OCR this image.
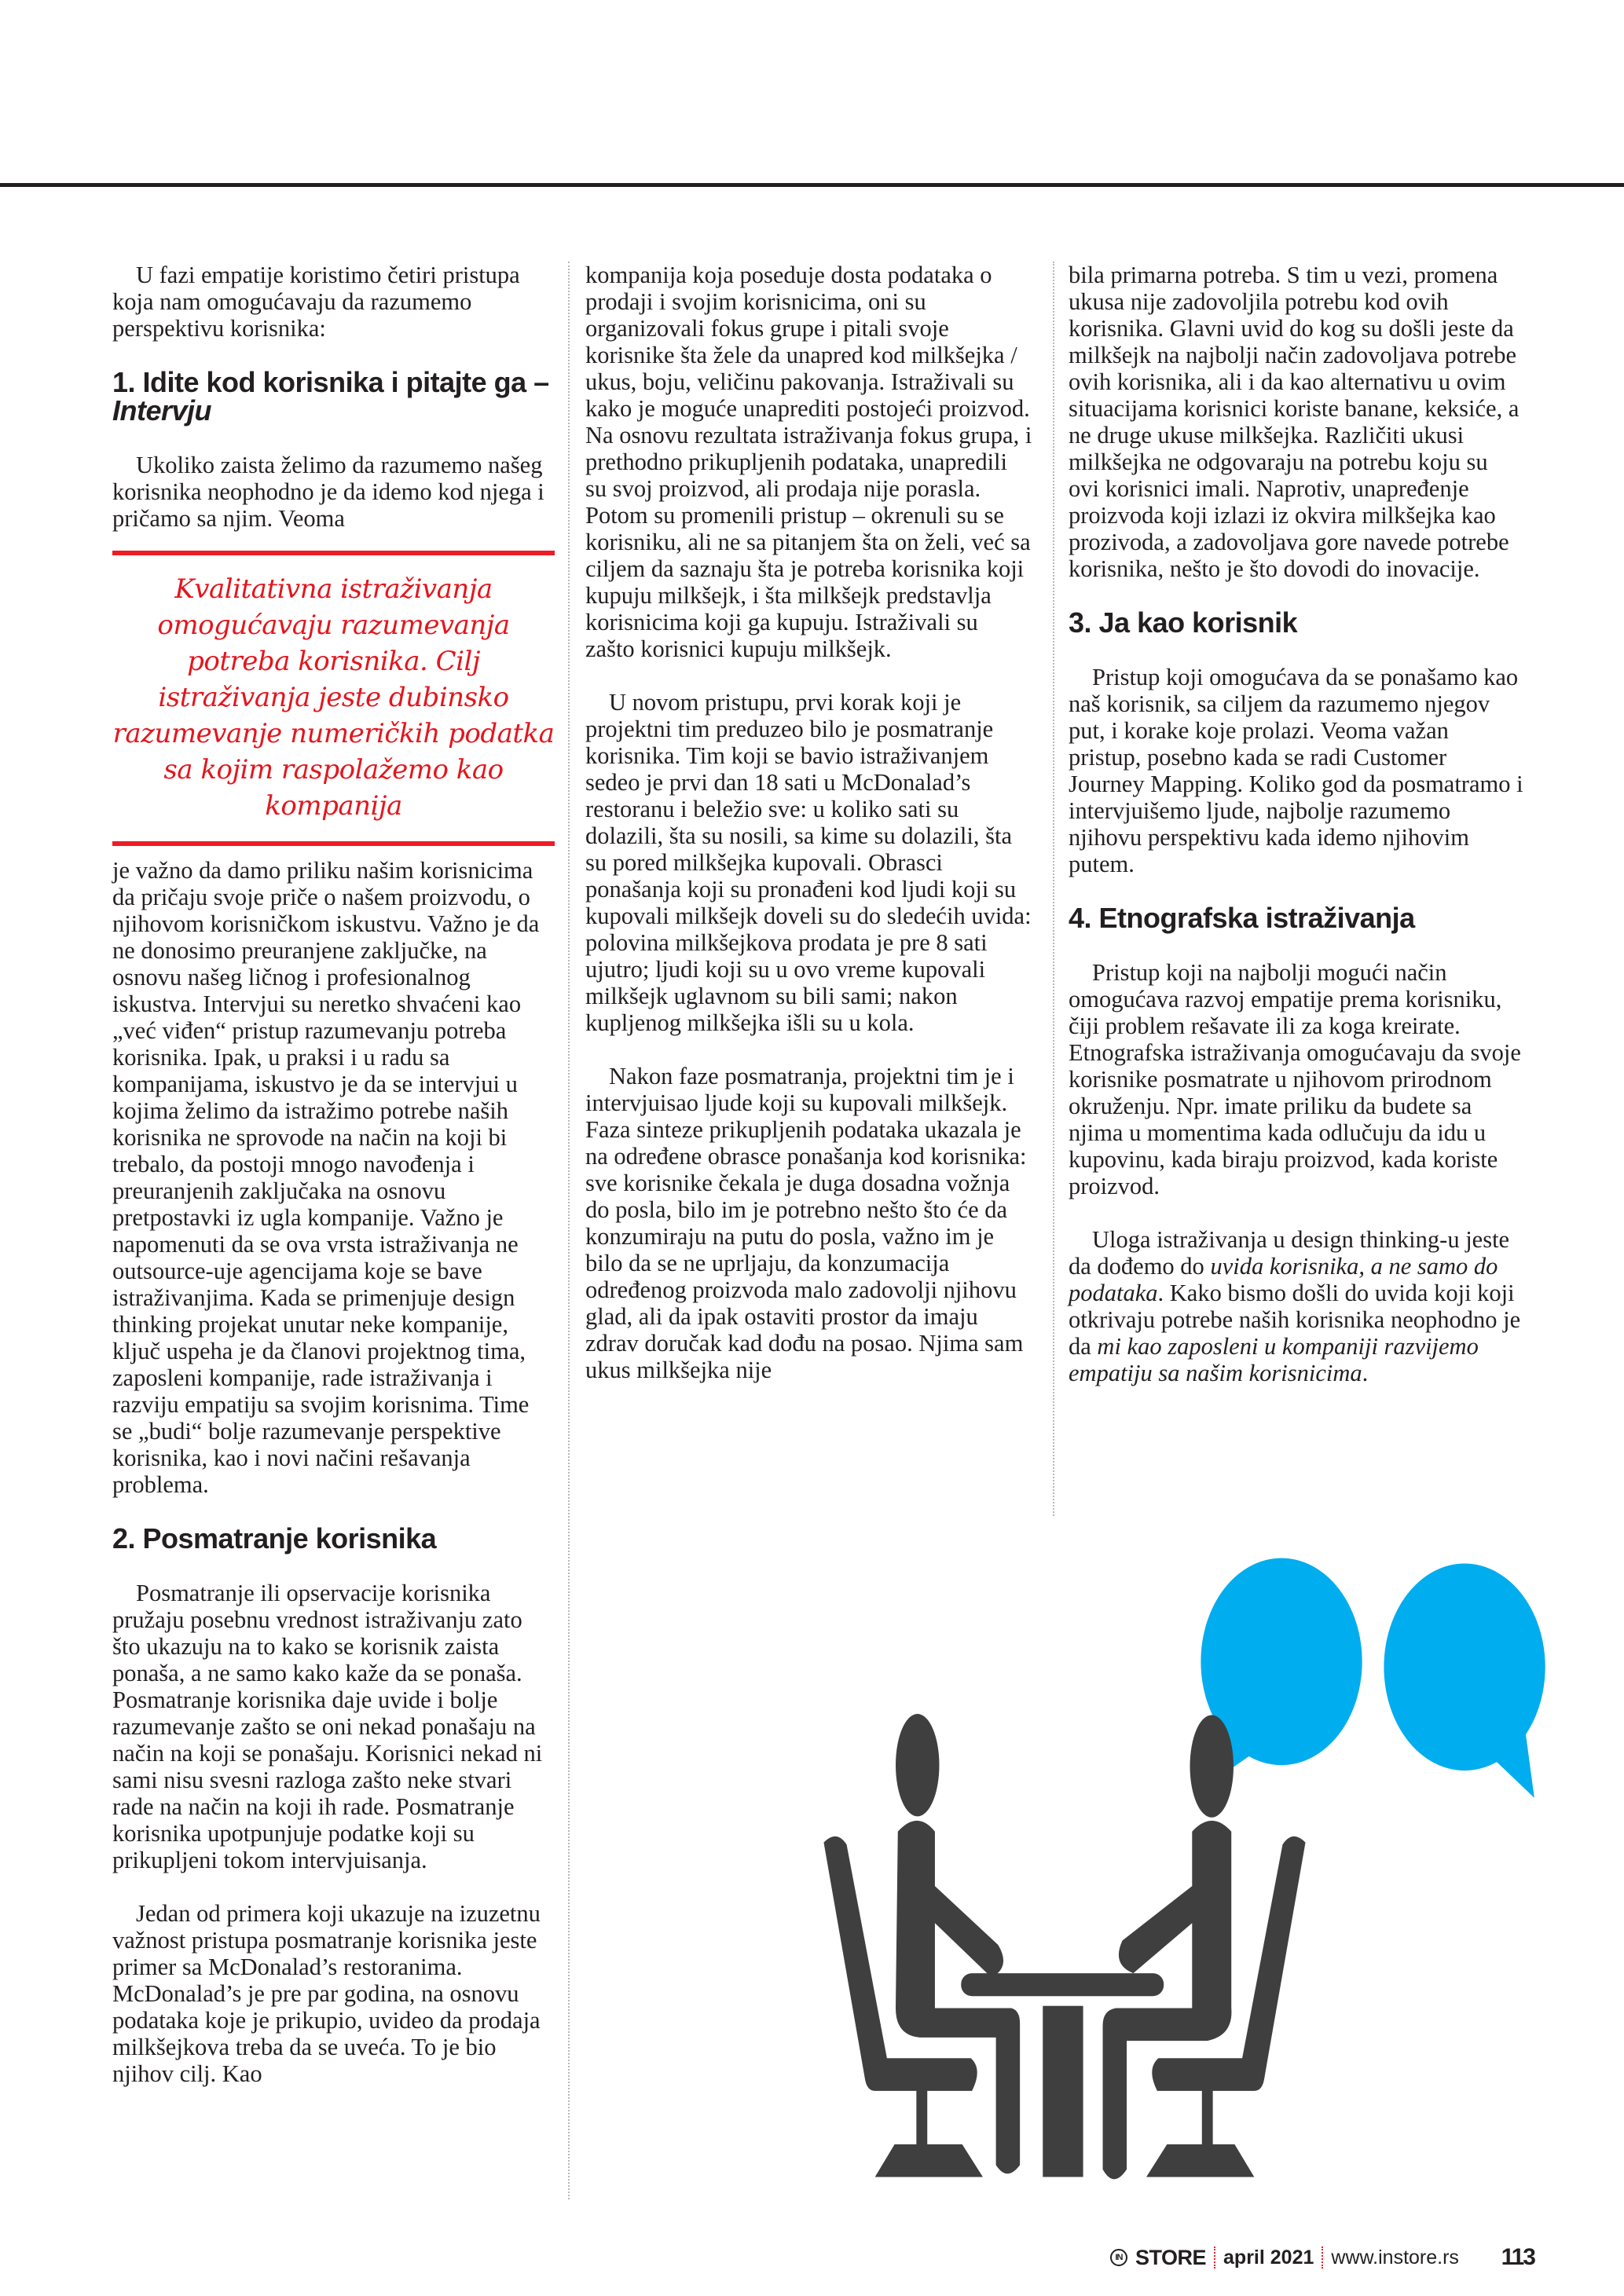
U fazi empatije koristimo četiri pristupa koja nam omogućavaju da razumemo perspektivu korisnika:

1. Idite kod korisnika i pitajte ga – Intervju

Ukoliko zaista želimo da razumemo našeg korisnika neophodno je da idemo kod njega i pričamo sa njim. Veoma

Kvalitativna istraživanja omogućavaju razumevanja potreba korisnika. Cilj istraživanja jeste dubinsko razumevanje numeričkih podatka sa kojim raspolažemo kao kompanija

je važno da damo priliku našim korisnicima da pričaju svoje priče o našem proizvodu, o njihovom korisničkom iskustvu. Važno je da ne donosimo preuranjene zaključke, na osnovu našeg ličnog i profesionalnog iskustva. Intervjui su neretko shvaćeni kao „već viđen“ pristup razumevanju potreba korisnika. Ipak, u praksi i u radu sa kompanijama, iskustvo je da se intervjui u kojima želimo da istražimo potrebe naših korisnika ne sprovode na način na koji bi trebalo, da postoji mnogo navođenja i preuranjenih zaključaka na osnovu pretpostavki iz ugla kompanije. Važno je napomenuti da se ova vrsta istraživanja ne outsource-uje agencijama koje se bave istraživanjima. Kada se primenjuje design thinking projekat unutar neke kompanije, ključ uspeha je da članovi projektnog tima, zaposleni kompanije, rade istraživanja i razviju empatiju sa svojim korisnima. Time se „budi“ bolje razumevanje perspektive korisnika, kao i novi načini rešavanja problema.

2. Posmatranje korisnika

Posmatranje ili opservacije korisnika pružaju posebnu vrednost istraživanju zato što ukazuju na to kako se korisnik zaista ponaša, a ne samo kako kaže da se ponaša. Posmatranje korisnika daje uvide i bolje razumevanje zašto se oni nekad ponašaju na način na koji se ponašaju. Korisnici nekad ni sami nisu svesni razloga zašto neke stvari rade na način na koji ih rade. Posmatranje korisnika upotpunjuje podatke koji su prikupljeni tokom intervjuisanja.

Jedan od primera koji ukazuje na izuzetnu važnost pristupa posmatranje korisnika jeste primer sa McDonalad’s restoranima. McDonalad’s je pre par godina, na osnovu podataka koje je prikupio, uvideo da prodaja milkšejkova treba da se uveća. To je bio njihov cilj. Kao

kompanija koja poseduje dosta podataka o prodaji i svojim korisnicima, oni su organizovali fokus grupe i pitali svoje korisnike šta žele da unapred kod milkšejka / ukus, boju, veličinu pakovanja. Istraživali su kako je moguće unaprediti postojeći proizvod. Na osnovu rezultata istraživanja fokus grupa, i prethodno prikupljenih podataka, unapredili su svoj proizvod, ali prodaja nije porasla. Potom su promenili pristup – okrenuli su se korisniku, ali ne sa pitanjem šta on želi, već sa ciljem da saznaju šta je potreba korisnika koji kupuju milkšejk, i šta milkšejk predstavlja korisnicima koji ga kupuju. Istraživali su zašto korisnici kupuju milkšejk.

U novom pristupu, prvi korak koji je projektni tim preduzeo bilo je posmatranje korisnika. Tim koji se bavio istraživanjem sedeo je prvi dan 18 sati u McDonalad’s restoranu i beležio sve: u koliko sati su dolazili, šta su nosili, sa kime su dolazili, šta su pored milkšejka kupovali. Obrasci ponašanja koji su pronađeni kod ljudi koji su kupovali milkšejk doveli su do sledećih uvida: polovina milkšejkova prodata je pre 8 sati ujutro; ljudi koji su u ovo vreme kupovali milkšejk uglavnom su bili sami; nakon kupljenog milkšejka išli su u kola.

Nakon faze posmatranja, projektni tim je i intervjuisao ljude koji su kupovali milkšejk. Faza sinteze prikupljenih podataka ukazala je na određene obrasce ponašanja kod korisnika: sve korisnike čekala je duga dosadna vožnja do posla, bilo im je potrebno nešto što će da konzumiraju na putu do posla, važno im je bilo da se ne uprljaju, da konzumacija određenog proizvoda malo zadovolji njihovu glad, ali da ipak ostaviti prostor da imaju zdrav doručak kad dođu na posao. Njima sam ukus milkšejka nije

bila primarna potreba. S tim u vezi, promena ukusa nije zadovoljila potrebu kod ovih korisnika. Glavni uvid do kog su došli jeste da milkšejk na najbolji način zadovoljava potrebe ovih korisnika, ali i da kao alternativu u ovim situacijama korisnici koriste banane, keksiće, a ne druge ukuse milkšejka. Različiti ukusi milkšejka ne odgovaraju na potrebu koju su ovi korisnici imali. Naprotiv, unapređenje proizvoda koji izlazi iz okvira milkšejka kao prozivoda, a zadovoljava gore navede potrebe korisnika, nešto je što dovodi do inovacije.

3. Ja kao korisnik

Pristup koji omogućava da se ponašamo kao naš korisnik, sa ciljem da razumemo njegov put, i korake koje prolazi. Veoma važan pristup, posebno kada se radi Customer Journey Mapping. Koliko god da posmatramo i intervjuišemo ljude, najbolje razumemo njihovu perspektivu kada idemo njihovim putem.

4. Etnografska istraživanja

Pristup koji na najbolji mogući način omogućava razvoj empatije prema korisniku, čiji problem rešavate ili za koga kreirate. Etnografska istraživanja omogućavaju da svoje korisnike posmatrate u njihovom prirodnom okruženju. Npr. imate priliku da budete sa njima u momentima kada odlučuju da idu u kupovinu, kada biraju proizvod, kada koriste proizvod.

Uloga istraživanja u design thinking-u jeste da dođemo do uvida korisnika, a ne samo do podataka. Kako bismo došli do uvida koji koji otkrivaju potrebe naših korisnika neophodno je da mi kao zaposleni u kompaniji razvijemo empatiju sa našim korisnicima.

IN STORE april 2021 www.instore.rs 113
